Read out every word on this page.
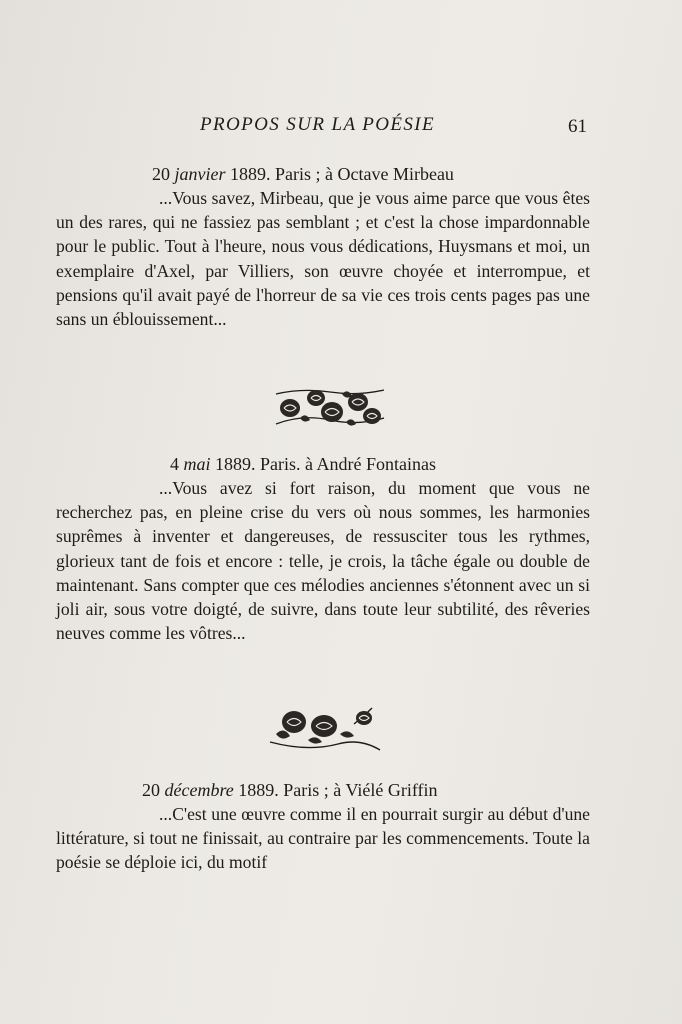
PROPOS SUR LA POÉSIE	61
20 janvier 1889. Paris ; à Octave Mirbeau

...Vous savez, Mirbeau, que je vous aime parce que vous êtes un des rares, qui ne fassiez pas semblant ; et c'est la chose impardonnable pour le public. Tout à l'heure, nous vous dédications, Huysmans et moi, un exemplaire d'Axel, par Villiers, son œuvre choyée et interrompue, et pensions qu'il avait payé de l'horreur de sa vie ces trois cents pages pas une sans un éblouissement...

4 mai 1889. Paris. à André Fontainas

...Vous avez si fort raison, du moment que vous ne recherchez pas, en pleine crise du vers où nous sommes, les harmonies suprêmes à inventer et dangereuses, de ressusciter tous les rythmes, glorieux tant de fois et encore : telle, je crois, la tâche égale ou double de maintenant. Sans compter que ces mélodies anciennes s'étonnent avec un si joli air, sous votre doigté, de suivre, dans toute leur subtilité, des rêveries neuves comme les vôtres...

20 décembre 1889. Paris ; à Viélé Griffin

...C'est une œuvre comme il en pourrait surgir au début d'une littérature, si tout ne finissait, au contraire par les commencements. Toute la poésie se déploie ici, du motif
